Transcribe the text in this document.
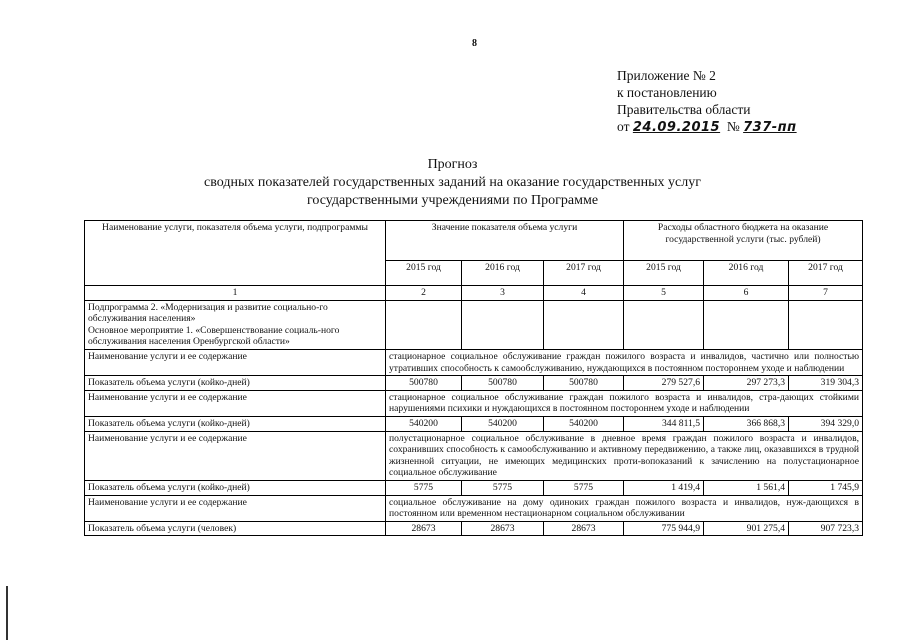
8
Приложение № 2
к постановлению
Правительства области
от 24.09.2015 № 737-пп
Прогноз
сводных показателей государственных заданий на оказание государственных услуг
государственными учреждениями по Программе
Наименование услуги, показателя объема услуги, подпрограммы	Значение показателя объема услуги			Расходы областного бюджета на оказание государственной услуги (тыс. рублей)		
	2015 год	2016 год	2017 год	2015 год	2016 год	2017 год
1	2	3	4	5	6	7

Подпрограмма 2. «Модернизация и развитие социально-го обслуживания населения»
Основное мероприятие 1. «Совершенствование социаль-ного обслуживания населения Оренбургской области»						

Наименование услуги и ее содержание	стационарное социальное обслуживание граждан пожилого возраста и инвалидов, частично или полностью утративших способность к самообслуживанию, нуждающихся в постоянном постороннем уходе и наблюдении					
Показатель объема услуги (койко-дней)	500780	500780	500780	279 527,6	297 273,3	319 304,3
Наименование услуги и ее содержание	стационарное социальное обслуживание граждан пожилого возраста и инвалидов, стра-дающих стойкими нарушениями психики и нуждающихся в постоянном постороннем уходе и наблюдении					
Показатель объема услуги (койко-дней)	540200	540200	540200	344 811,5	366 868,3	394 329,0
Наименование услуги и ее содержание	полустационарное социальное обслуживание в дневное время граждан пожилого возраста и инвалидов, сохранивших способность к самообслуживанию и активному передвижению, а также лиц, оказавшихся в трудной жизненной ситуации, не имеющих медицинских проти-вопоказаний к зачислению на полустационарное социальное обслуживание					
Показатель объема услуги (койко-дней)	5775	5775	5775	1 419,4	1 561,4	1 745,9
Наименование услуги и ее содержание	социальное обслуживание на дому одиноких граждан пожилого возраста и инвалидов, нуж-дающихся в постоянном или временном нестационарном социальном обслуживании					
Показатель объема услуги (человек)	28673	28673	28673	775 944,9	901 275,4	907 723,3
